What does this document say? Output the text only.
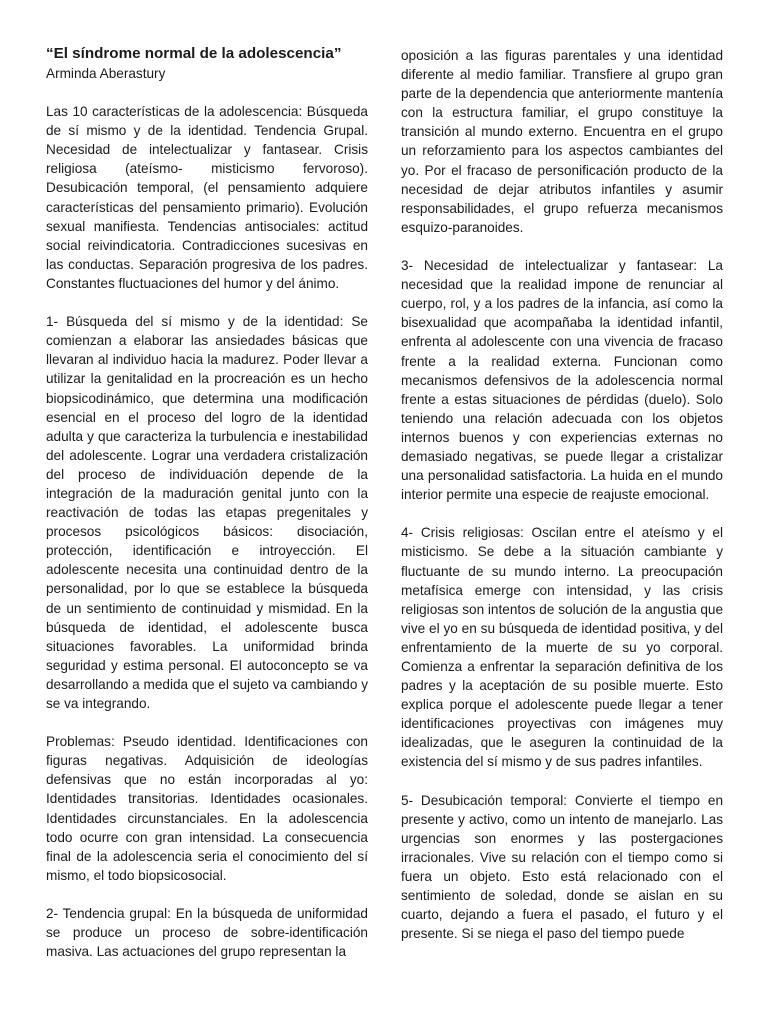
“El síndrome normal de la adolescencia”
Arminda Aberastury

Las 10 características de la adolescencia: Búsqueda de sí mismo y de la identidad. Tendencia Grupal. Necesidad de intelectualizar y fantasear. Crisis religiosa (ateísmo- misticismo fervoroso). Desubicación temporal, (el pensamiento adquiere características del pensamiento primario). Evolución sexual manifiesta. Tendencias antisociales: actitud social reivindicatoria. Contradicciones sucesivas en las conductas. Separación progresiva de los padres. Constantes fluctuaciones del humor y del ánimo.

1- Búsqueda del sí mismo y de la identidad: Se comienzan a elaborar las ansiedades básicas que llevaran al individuo hacia la madurez. Poder llevar a utilizar la genitalidad en la procreación es un hecho biopsicodinámico, que determina una modificación esencial en el proceso del logro de la identidad adulta y que caracteriza la turbulencia e inestabilidad del adolescente. Lograr una verdadera cristalización del proceso de individuación depende de la integración de la maduración genital junto con la reactivación de todas las etapas pregenitales y procesos psicológicos básicos: disociación, protección, identificación e introyección. El adolescente necesita una continuidad dentro de la personalidad, por lo que se establece la búsqueda de un sentimiento de continuidad y mismidad. En la búsqueda de identidad, el adolescente busca situaciones favorables. La uniformidad brinda seguridad y estima personal. El autoconcepto se va desarrollando a medida que el sujeto va cambiando y se va integrando.

Problemas: Pseudo identidad. Identificaciones con figuras negativas. Adquisición de ideologías defensivas que no están incorporadas al yo: Identidades transitorias. Identidades ocasionales. Identidades circunstanciales. En la adolescencia todo ocurre con gran intensidad. La consecuencia final de la adolescencia seria el conocimiento del sí mismo, el todo biopsicosocial.

2- Tendencia grupal: En la búsqueda de uniformidad se produce un proceso de sobre-identificación masiva. Las actuaciones del grupo representan la

oposición a las figuras parentales y una identidad diferente al medio familiar. Transfiere al grupo gran parte de la dependencia que anteriormente mantenía con la estructura familiar, el grupo constituye la transición al mundo externo. Encuentra en el grupo un reforzamiento para los aspectos cambiantes del yo. Por el fracaso de personificación producto de la necesidad de dejar atributos infantiles y asumir responsabilidades, el grupo refuerza mecanismos esquizo-paranoides.

3- Necesidad de intelectualizar y fantasear: La necesidad que la realidad impone de renunciar al cuerpo, rol, y a los padres de la infancia, así como la bisexualidad que acompañaba la identidad infantil, enfrenta al adolescente con una vivencia de fracaso frente a la realidad externa. Funcionan como mecanismos defensivos de la adolescencia normal frente a estas situaciones de pérdidas (duelo). Solo teniendo una relación adecuada con los objetos internos buenos y con experiencias externas no demasiado negativas, se puede llegar a cristalizar una personalidad satisfactoria. La huida en el mundo interior permite una especie de reajuste emocional.

4- Crisis religiosas: Oscilan entre el ateísmo y el misticismo. Se debe a la situación cambiante y fluctuante de su mundo interno. La preocupación metafísica emerge con intensidad, y las crisis religiosas son intentos de solución de la angustia que vive el yo en su búsqueda de identidad positiva, y del enfrentamiento de la muerte de su yo corporal. Comienza a enfrentar la separación definitiva de los padres y la aceptación de su posible muerte. Esto explica porque el adolescente puede llegar a tener identificaciones proyectivas con imágenes muy idealizadas, que le aseguren la continuidad de la existencia del sí mismo y de sus padres infantiles.

5- Desubicación temporal: Convierte el tiempo en presente y activo, como un intento de manejarlo. Las urgencias son enormes y las postergaciones irracionales. Vive su relación con el tiempo como si fuera un objeto. Esto está relacionado con el sentimiento de soledad, donde se aislan en su cuarto, dejando a fuera el pasado, el futuro y el presente. Si se niega el paso del tiempo puede
